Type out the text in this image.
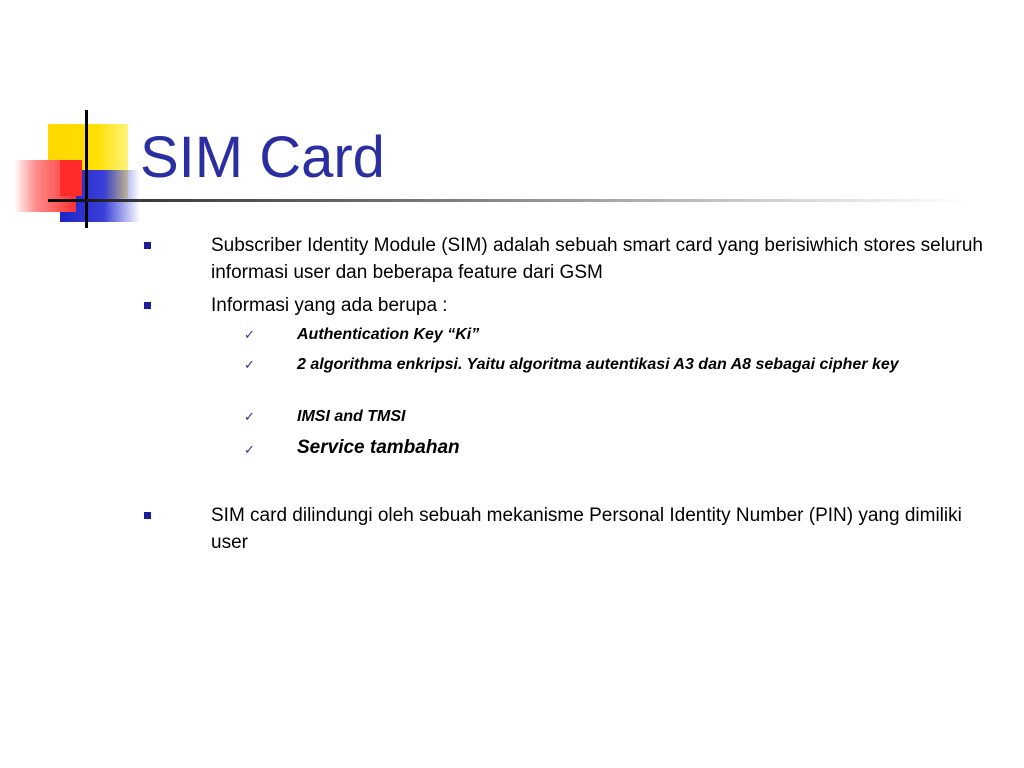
SIM Card
Subscriber Identity Module (SIM) adalah sebuah smart card yang berisiwhich stores seluruh informasi user dan beberapa feature dari GSM
Informasi yang ada berupa :
✓	Authentication Key “Ki”
✓	2 algorithma enkripsi. Yaitu algoritma autentikasi A3 dan A8 sebagai cipher key
✓	IMSI and TMSI
✓ Service tambahan
SIM card dilindungi oleh sebuah mekanisme Personal Identity Number (PIN) yang dimiliki user
